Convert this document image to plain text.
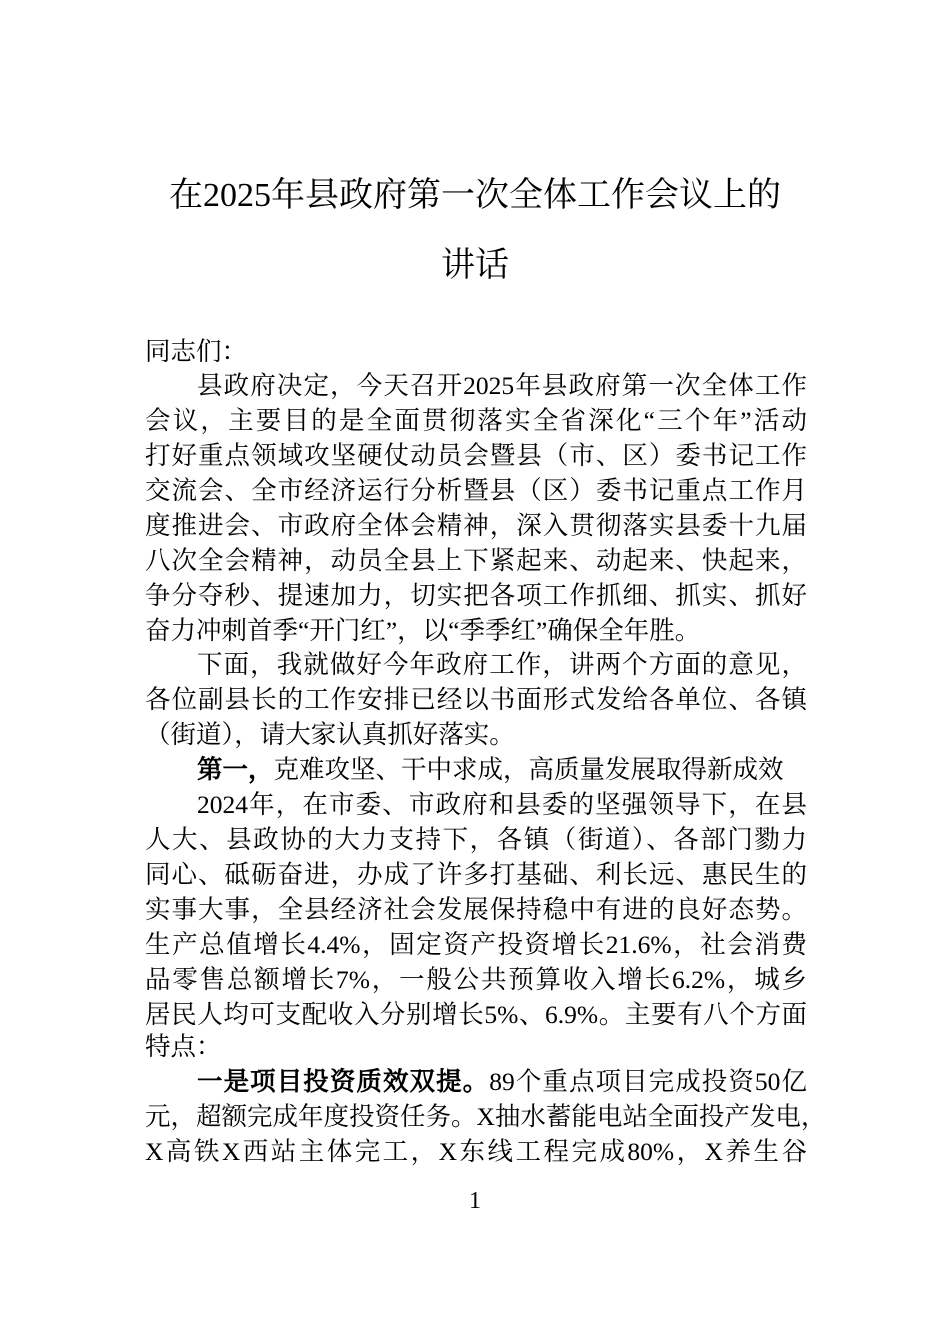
在2025年县政府第一次全体工作会议上的
讲话
同志们：
县政府决定，今天召开2025年县政府第一次全体工作
会议，主要目的是全面贯彻落实全省深化“三个年”活动
打好重点领域攻坚硬仗动员会暨县（市、区）委书记工作
交流会、全市经济运行分析暨县（区）委书记重点工作月
度推进会、市政府全体会精神，深入贯彻落实县委十九届
八次全会精神，动员全县上下紧起来、动起来、快起来，
争分夺秒、提速加力，切实把各项工作抓细、抓实、抓好
奋力冲刺首季“开门红”，以“季季红”确保全年胜。
下面，我就做好今年政府工作，讲两个方面的意见，
各位副县长的工作安排已经以书面形式发给各单位、各镇
（街道），请大家认真抓好落实。
第一，克难攻坚、干中求成，高质量发展取得新成效
2024年，在市委、市政府和县委的坚强领导下，在县
人大、县政协的大力支持下，各镇（街道）、各部门勠力
同心、砥砺奋进，办成了许多打基础、利长远、惠民生的
实事大事，全县经济社会发展保持稳中有进的良好态势。
生产总值增长4.4%，固定资产投资增长21.6%，社会消费
品零售总额增长7%，一般公共预算收入增长6.2%，城乡
居民人均可支配收入分别增长5%、6.9%。主要有八个方面
特点：
一是项目投资质效双提。89个重点项目完成投资50亿
元，超额完成年度投资任务。X抽水蓄能电站全面投产发电，
X高铁X西站主体完工，X东线工程完成80%，X养生谷
1
